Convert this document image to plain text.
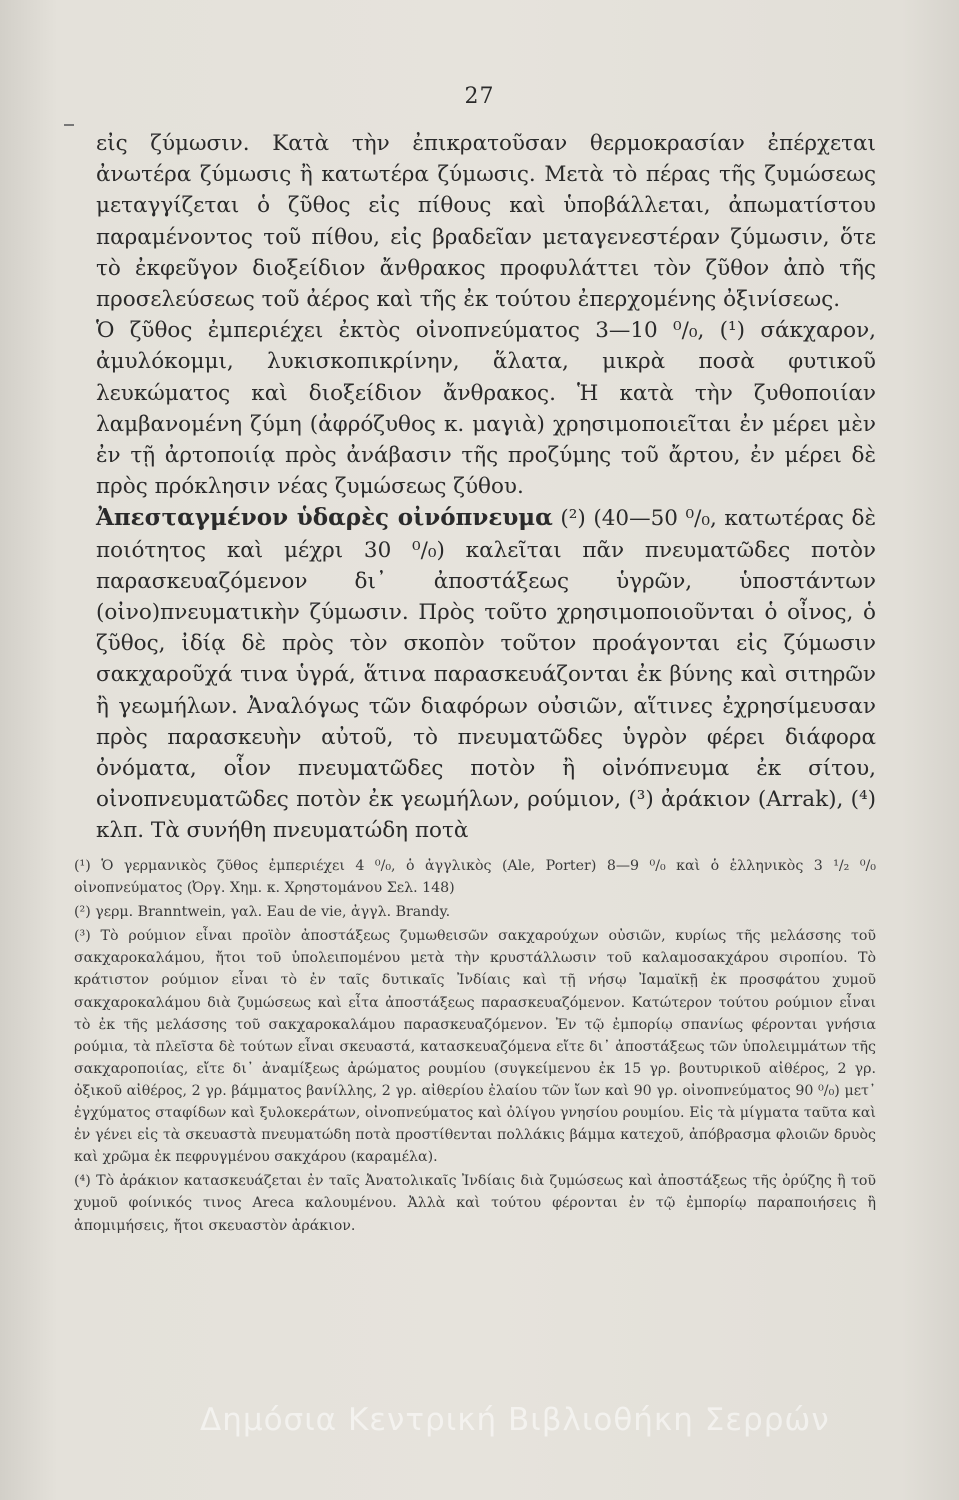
27

εἰς ζύμωσιν. Κατὰ τὴν ἐπικρατοῦσαν θερμοκρασίαν ἐπέρχεται ἀνωτέρα ζύμωσις ἢ κατωτέρα ζύμωσις. Μετὰ τὸ πέρας τῆς ζυμώσεως μεταγγίζεται ὁ ζῦθος εἰς πίθους καὶ ὑποβάλλεται, ἀπωματίστου παραμένοντος τοῦ πίθου, εἰς βραδεῖαν μεταγενεστέραν ζύμωσιν, ὅτε τὸ ἐκφεῦγον διοξείδιον ἄνθρακος προφυλάττει τὸν ζῦθον ἀπὸ τῆς προσελεύσεως τοῦ ἀέρος καὶ τῆς ἐκ τούτου ἐπερχομένης ὀξινίσεως.

Ὁ ζῦθος ἐμπεριέχει ἐκτὸς οἰνοπνεύματος 3—10 ⁰/₀, (¹) σάκχαρον, ἀμυλόκομμι, λυκισκοπικρίνην, ἅλατα, μικρὰ ποσὰ φυτικοῦ λευκώματος καὶ διοξείδιον ἄνθρακος. Ἡ κατὰ τὴν ζυθοποιίαν λαμβανομένη ζύμη (ἀφρόζυθος κ. μαγιὰ) χρησιμοποιεῖται ἐν μέρει μὲν ἐν τῇ ἀρτοποιίᾳ πρὸς ἀνάβασιν τῆς προζύμης τοῦ ἄρτου, ἐν μέρει δὲ πρὸς πρόκλησιν νέας ζυμώσεως ζύθου.

Ἀπεσταγμένον ὑδαρὲς οἰνόπνευμα (²) (40—50 ⁰/₀, κατωτέρας δὲ ποιότητος καὶ μέχρι 30 ⁰/₀) καλεῖται πᾶν πνευματῶδες ποτὸν παρασκευαζόμενον δι᾽ ἀποστάξεως ὑγρῶν, ὑποστάντων (οἰνο)πνευματικὴν ζύμωσιν. Πρὸς τοῦτο χρησιμοποιοῦνται ὁ οἶνος, ὁ ζῦθος, ἰδίᾳ δὲ πρὸς τὸν σκοπὸν τοῦτον προάγονται εἰς ζύμωσιν σακχαροῦχά τινα ὑγρά, ἅτινα παρασκευάζονται ἐκ βύνης καὶ σιτηρῶν ἢ γεωμήλων. Ἀναλόγως τῶν διαφόρων οὐσιῶν, αἵτινες ἐχρησίμευσαν πρὸς παρασκευὴν αὐτοῦ, τὸ πνευματῶδες ὑγρὸν φέρει διάφορα ὀνόματα, οἷον πνευματῶδες ποτὸν ἢ οἰνόπνευμα ἐκ σίτου, οἰνοπνευματῶδες ποτὸν ἐκ γεωμήλων, ρούμιον, (³) ἀράκιον (Arrak), (⁴) κλπ. Τὰ συνήθη πνευματώδη ποτὰ

(¹) Ὁ γερμανικὸς ζῦθος ἐμπεριέχει 4 ⁰/₀, ὁ ἀγγλικὸς (Ale, Porter) 8—9 ⁰/₀ καὶ ὁ ἑλληνικὸς 3 ¹/₂ ⁰/₀ οἰνοπνεύματος (Ὀργ. Χημ. κ. Χρηστομάνου Σελ. 148)

(²) γερμ. Branntwein, γαλ. Eau de vie, ἀγγλ. Brandy.

(³) Τὸ ρούμιον εἶναι προϊὸν ἀποστάξεως ζυμωθεισῶν σακχαρούχων οὐσιῶν, κυρίως τῆς μελάσσης τοῦ σακχαροκαλάμου, ἤτοι τοῦ ὑπολειπομένου μετὰ τὴν κρυστάλλωσιν τοῦ καλαμοσακχάρου σιροπίου. Τὸ κράτιστον ρούμιον εἶναι τὸ ἐν ταῖς δυτικαῖς Ἰνδίαις καὶ τῇ νήσῳ Ἰαμαϊκῇ ἐκ προσφάτου χυμοῦ σακχαροκαλάμου διὰ ζυμώσεως καὶ εἶτα ἀποστάξεως παρασκευαζόμενον. Κατώτερον τούτου ρούμιον εἶναι τὸ ἐκ τῆς μελάσσης τοῦ σακχαροκαλάμου παρασκευαζόμενον. Ἐν τῷ ἐμπορίῳ σπανίως φέρονται γνήσια ρούμια, τὰ πλεῖστα δὲ τούτων εἶναι σκευαστά, κατασκευαζόμενα εἴτε δι᾽ ἀποστάξεως τῶν ὑπολειμμάτων τῆς σακχαροποιίας, εἴτε δι᾽ ἀναμίξεως ἀρώματος ρουμίου (συγκείμενου ἐκ 15 γρ. βουτυρικοῦ αἰθέρος, 2 γρ. ὀξικοῦ αἰθέρος, 2 γρ. βάμματος βανίλλης, 2 γρ. αἰθερίου ἐλαίου τῶν ἴων καὶ 90 γρ. οἰνοπνεύματος 90 ⁰/₀) μετ᾽ ἐγχύματος σταφίδων καὶ ξυλοκεράτων, οἰνοπνεύματος καὶ ὀλίγου γνησίου ρουμίου. Εἰς τὰ μίγματα ταῦτα καὶ ἐν γένει εἰς τὰ σκευαστὰ πνευματώδη ποτὰ προστίθενται πολλάκις βάμμα κατεχοῦ, ἀπόβρασμα φλοιῶν δρυὸς καὶ χρῶμα ἐκ πεφρυγμένου σακχάρου (καραμέλα).

(⁴) Τὸ ἀράκιον κατασκευάζεται ἐν ταῖς Ἀνατολικαῖς Ἰνδίαις διὰ ζυμώσεως καὶ ἀποστάξεως τῆς ὀρύζης ἢ τοῦ χυμοῦ φοίνικός τινος Areca καλουμένου. Ἀλλὰ καὶ τούτου φέρονται ἐν τῷ ἐμπορίῳ παραποιήσεις ἢ ἀπομιμήσεις, ἤτοι σκευαστὸν ἀράκιον.

Δημόσια Κεντρική Βιβλιοθήκη Σερρών
